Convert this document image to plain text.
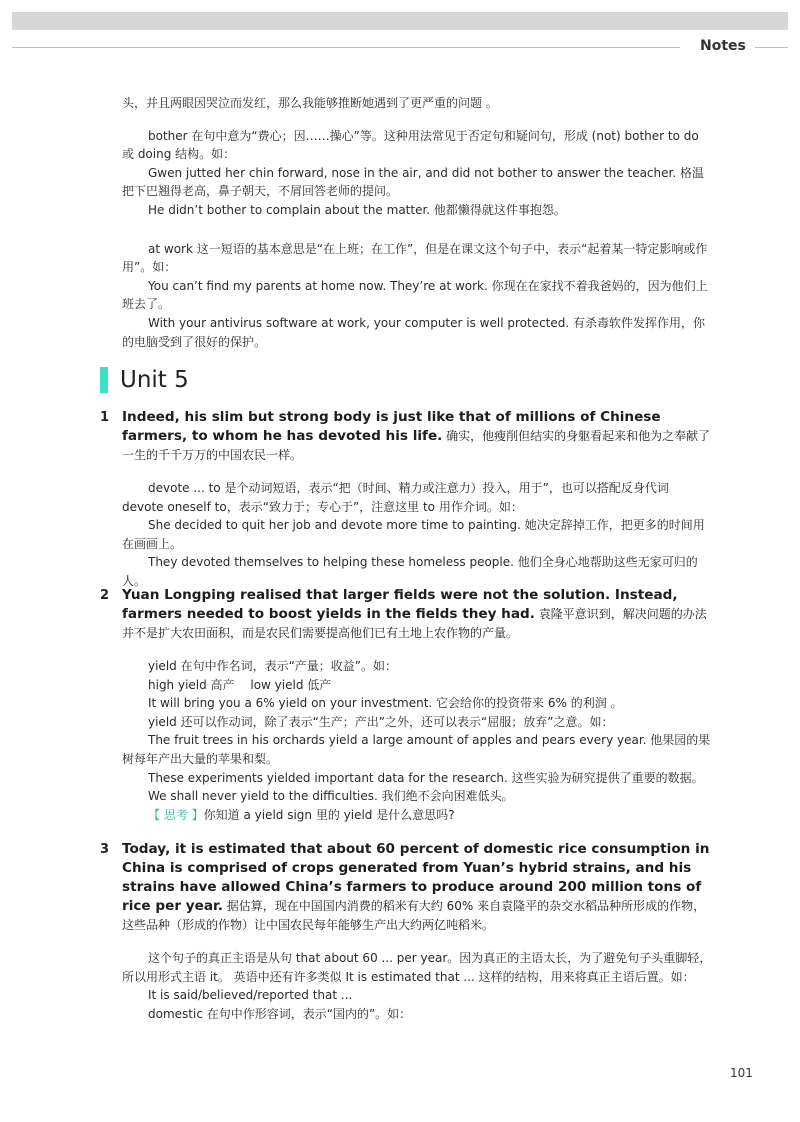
Notes

头，并且两眼因哭泣而发红，那么我能够推断她遇到了更严重的问题 。

bother 在句中意为“费心；因……操心”等。这种用法常见于否定句和疑问句，形成 (not) bother to do 或 doing 结构。如：

Gwen jutted her chin forward, nose in the air, and did not bother to answer the teacher. 格温把下巴翘得老高，鼻子朝天，不屑回答老师的提问。

He didn’t bother to complain about the matter. 他都懒得就这件事抱怨。

at work 这一短语的基本意思是“在上班；在工作”，但是在课文这个句子中，表示“起着某一特定影响或作用”。如：

You can’t find my parents at home now. They’re at work. 你现在在家找不着我爸妈的，因为他们上班去了。

With your antivirus software at work, your computer is well protected. 有杀毒软件发挥作用，你的电脑受到了很好的保护。

Unit 5
1 Indeed, his slim but strong body is just like that of millions of Chinese farmers, to whom he has devoted his life. 确实，他瘦削但结实的身躯看起来和他为之奉献了一生的千千万万的中国农民一样。

devote ... to 是个动词短语，表示“把（时间、精力或注意力）投入，用于”，也可以搭配反身代词 devote oneself to，表示“致力于；专心于”，注意这里 to 用作介词。如：

She decided to quit her job and devote more time to painting. 她决定辞掉工作，把更多的时间用在画画上。

They devoted themselves to helping these homeless people. 他们全身心地帮助这些无家可归的人。

2 Yuan Longping realised that larger fields were not the solution. Instead, farmers needed to boost yields in the fields they had. 袁隆平意识到，解决问题的办法并不是扩大农田面积，而是农民们需要提高他们已有土地上农作物的产量。

yield 在句中作名词，表示“产量；收益”。如：

high yield 高产　 low yield 低产

It will bring you a 6% yield on your investment. 它会给你的投资带来 6% 的利润 。

yield 还可以作动词，除了表示“生产；产出”之外，还可以表示“屈服；放弃”之意。如：

The fruit trees in his orchards yield a large amount of apples and pears every year. 他果园的果树每年产出大量的苹果和梨。

These experiments yielded important data for the research. 这些实验为研究提供了重要的数据。

We shall never yield to the difficulties. 我们绝不会向困难低头。

【 思考 】你知道 a yield sign 里的 yield 是什么意思吗?

3 Today, it is estimated that about 60 percent of domestic rice consumption in China is comprised of crops generated from Yuan’s hybrid strains, and his strains have allowed China’s farmers to produce around 200 million tons of rice per year. 据估算，现在中国国内消费的稻米有大约 60% 来自袁隆平的杂交水稻品种所形成的作物，这些品种（形成的作物）让中国农民每年能够生产出大约两亿吨稻米。

这个句子的真正主语是从句 that about 60 ... per year。因为真正的主语太长，为了避免句子头重脚轻，所以用形式主语 it。 英语中还有许多类似 It is estimated that ... 这样的结构，用来将真正主语后置。如：

It is said/believed/reported that ...

domestic 在句中作形容词，表示“国内的”。如：

101
